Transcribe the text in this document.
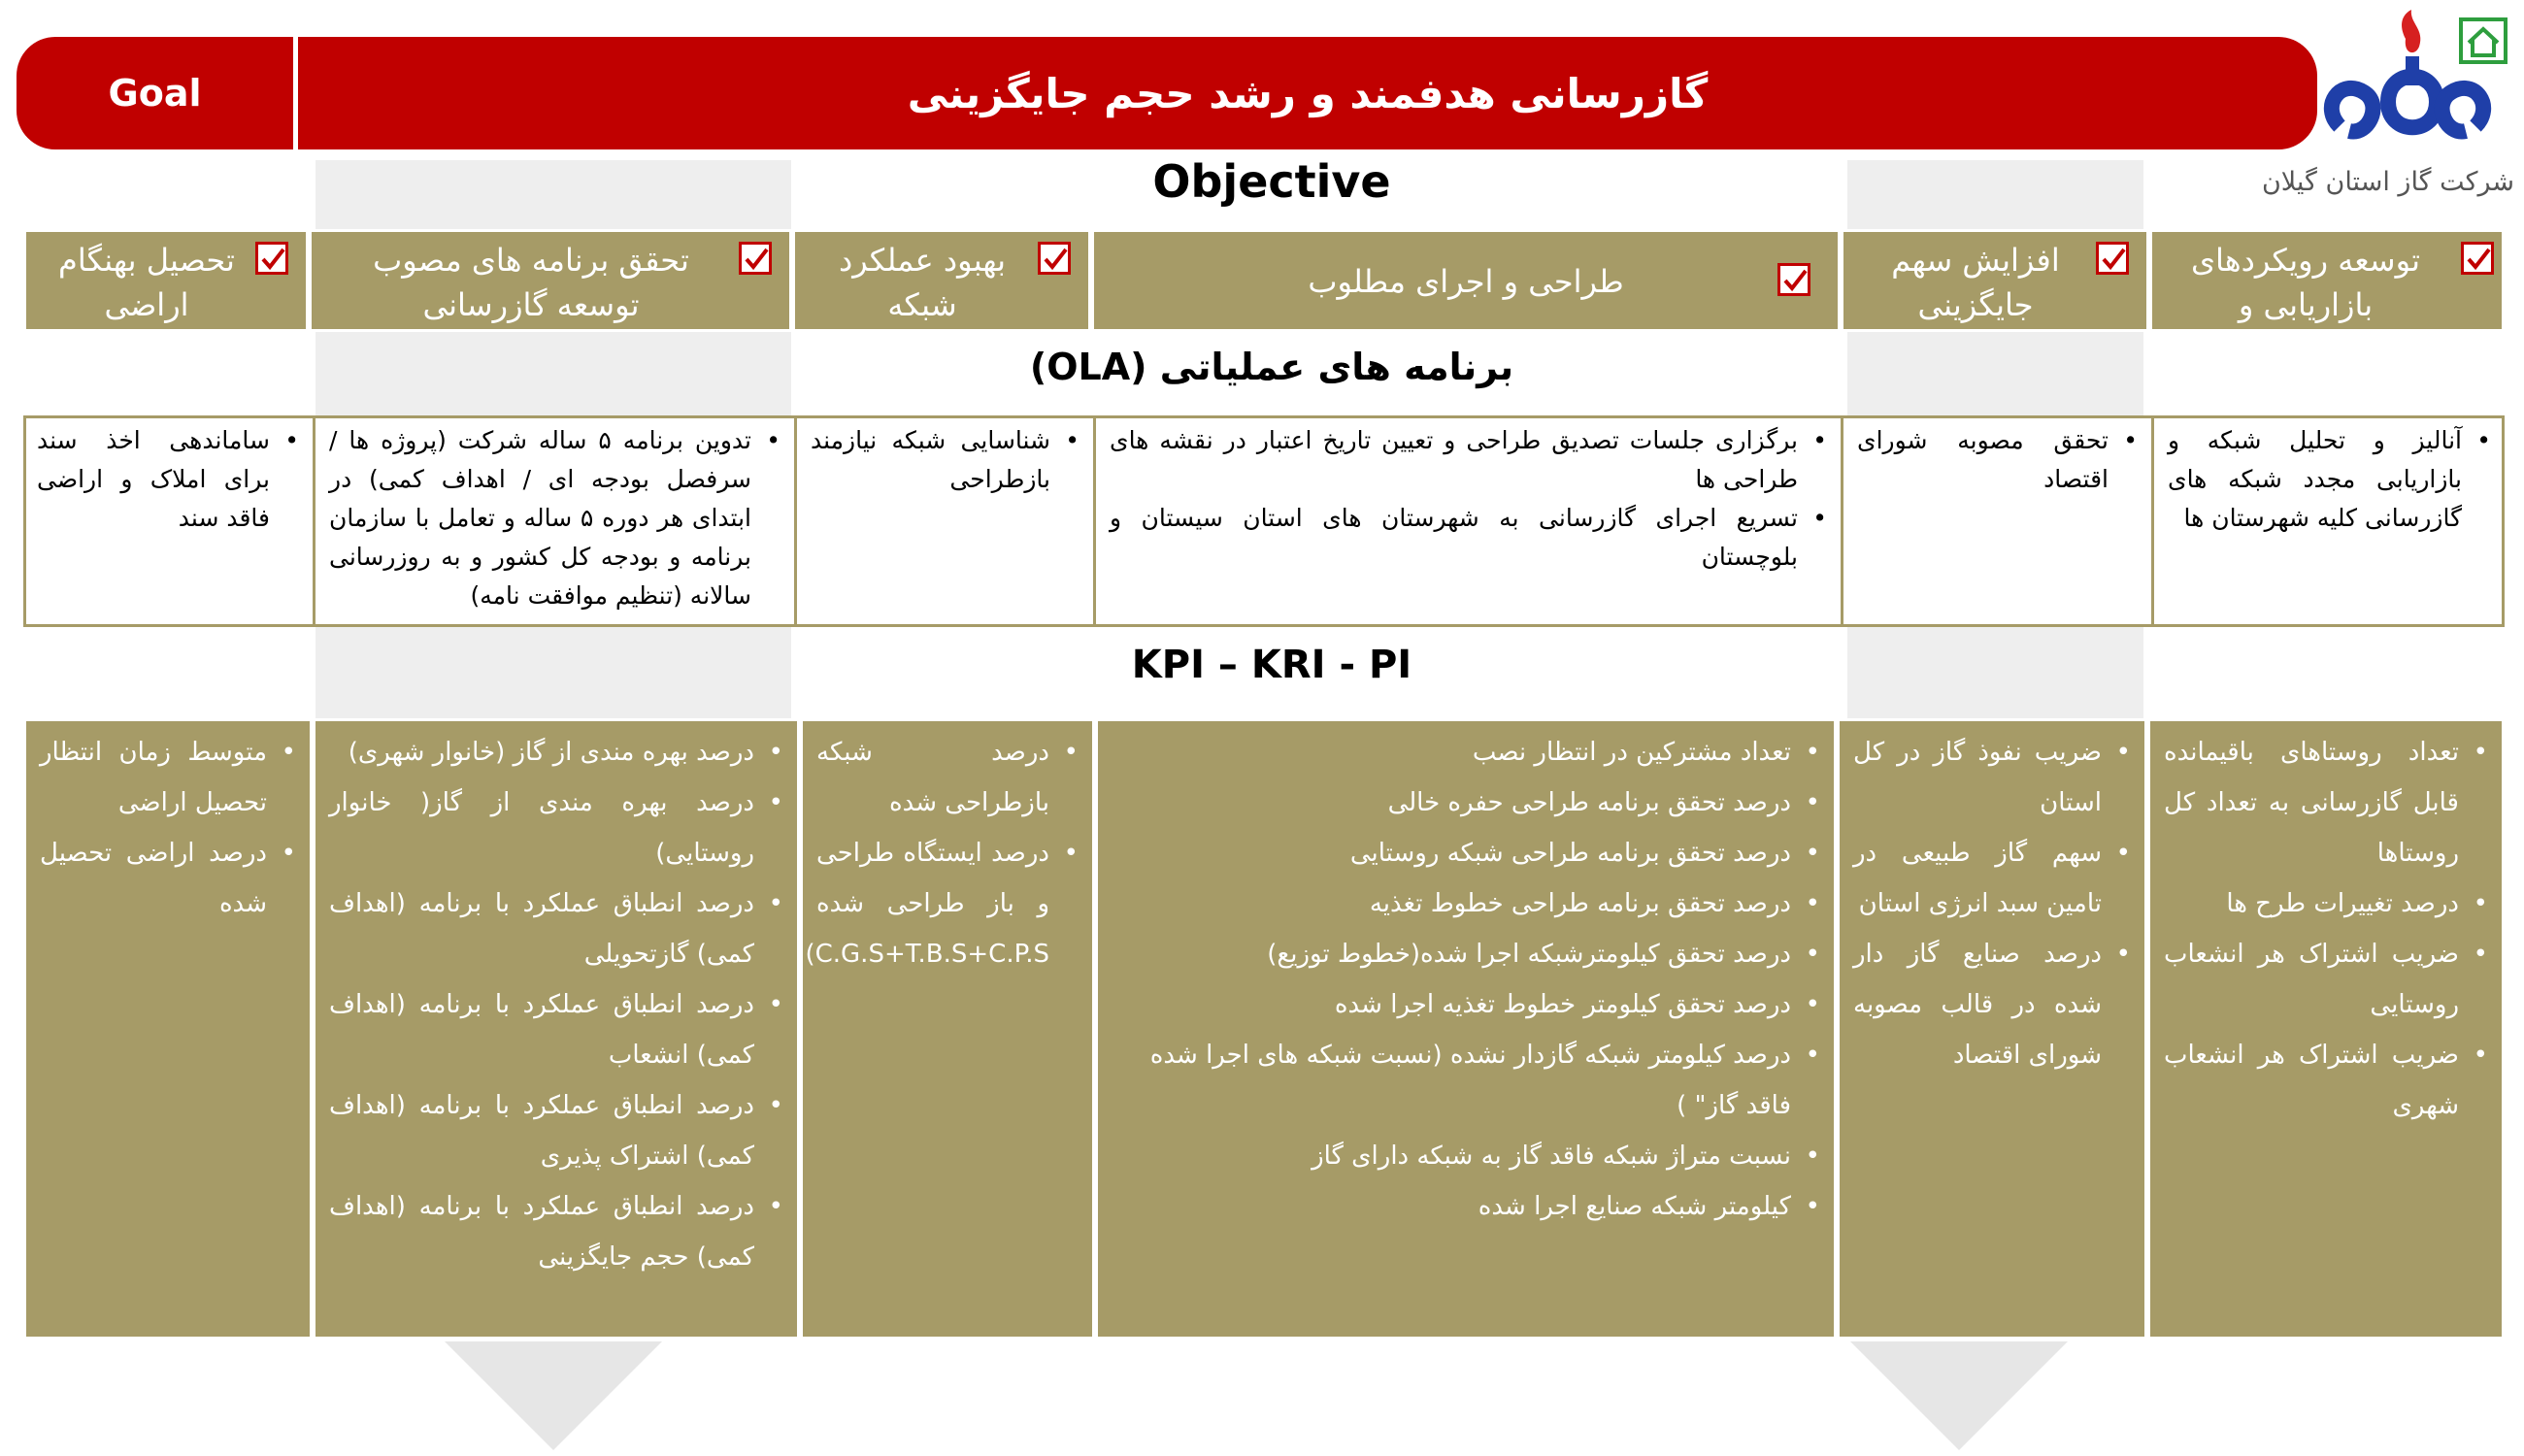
Goal	گازرسانی هدفمند و رشد حجم جایگزینی
شرکت گاز استان گیلان
Objective
تحصیل بهنگام اراضی
تحقق برنامه های مصوب توسعه گازرسانی
بهبود عملکرد شبکه
طراحی و اجرای مطلوب
افزایش سهم جایگزینی
توسعه رویکردهای بازاریابی و امکانسنجی
برنامه های عملیاتی (OLA)
• ساماندهی اخذ سند برای املاک و اراضی فاقد سند
• تدوین برنامه ۵ ساله شرکت (پروژه ها / سرفصل بودجه ای / اهداف کمی) در ابتدای هر دوره ۵ ساله و تعامل با سازمان برنامه و بودجه کل کشور و به روزرسانی سالانه (تنظیم موافقت نامه)
• شناسایی شبکه نیازمند بازطراحی
• برگزاری جلسات تصدیق طراحی و تعیین تاریخ اعتبار در نقشه های طراحی ها
• تسریع اجرای گازرسانی به شهرستان های استان سیستان و بلوچستان
• تحقق مصوبه شورای اقتصاد
• آنالیز و تحلیل شبکه و بازاریابی مجدد شبکه های گازرسانی کلیه شهرستان ها
KPI – KRI - PI
• متوسط زمان انتظار تحصیل اراضی
• درصد اراضی تحصیل شده
• درصد بهره مندی از گاز (خانوار شهری)
• درصد بهره مندی از گاز( خانوار روستایی)
• درصد انطباق عملکرد با برنامه (اهداف کمی) گازتحویلی
• درصد انطباق عملکرد با برنامه (اهداف کمی) انشعاب
• درصد انطباق عملکرد با برنامه (اهداف کمی) اشتراک پذیری
• درصد انطباق عملکرد با برنامه (اهداف کمی) حجم جایگزینی
• درصد شبکه بازطراحی شده
• درصد ایستگاه طراحی و باز طراحی شده C.G.S+T.B.S+C.P.S)
• تعداد مشترکین در انتظار نصب
• درصد تحقق برنامه طراحی حفره خالی
• درصد تحقق برنامه طراحی شبکه روستایی
• درصد تحقق برنامه طراحی خطوط تغذیه
• درصد تحقق کیلومترشبکه اجرا شده(خطوط توزیع)
• درصد تحقق کیلومتر خطوط تغذیه اجرا شده
• درصد کیلومتر شبکه گازدار نشده (نسبت شبکه های اجرا شده فاقد گاز" )
• نسبت متراژ شبکه فاقد گاز به شبکه دارای گاز
• کیلومتر شبکه صنایع اجرا شده
• ضریب نفوذ گاز در کل استان
• سهم گاز طبیعی در تامین سبد انرژی استان
• درصد صنایع گاز دار شده در قالب مصوبه شورای اقتصاد
• تعداد روستاهای باقیمانده قابل گازرسانی به تعداد کل روستاها
• درصد تغییرات طرح ها
• ضریب اشتراک هر انشعاب روستایی
• ضریب اشتراک هر انشعاب شهری
